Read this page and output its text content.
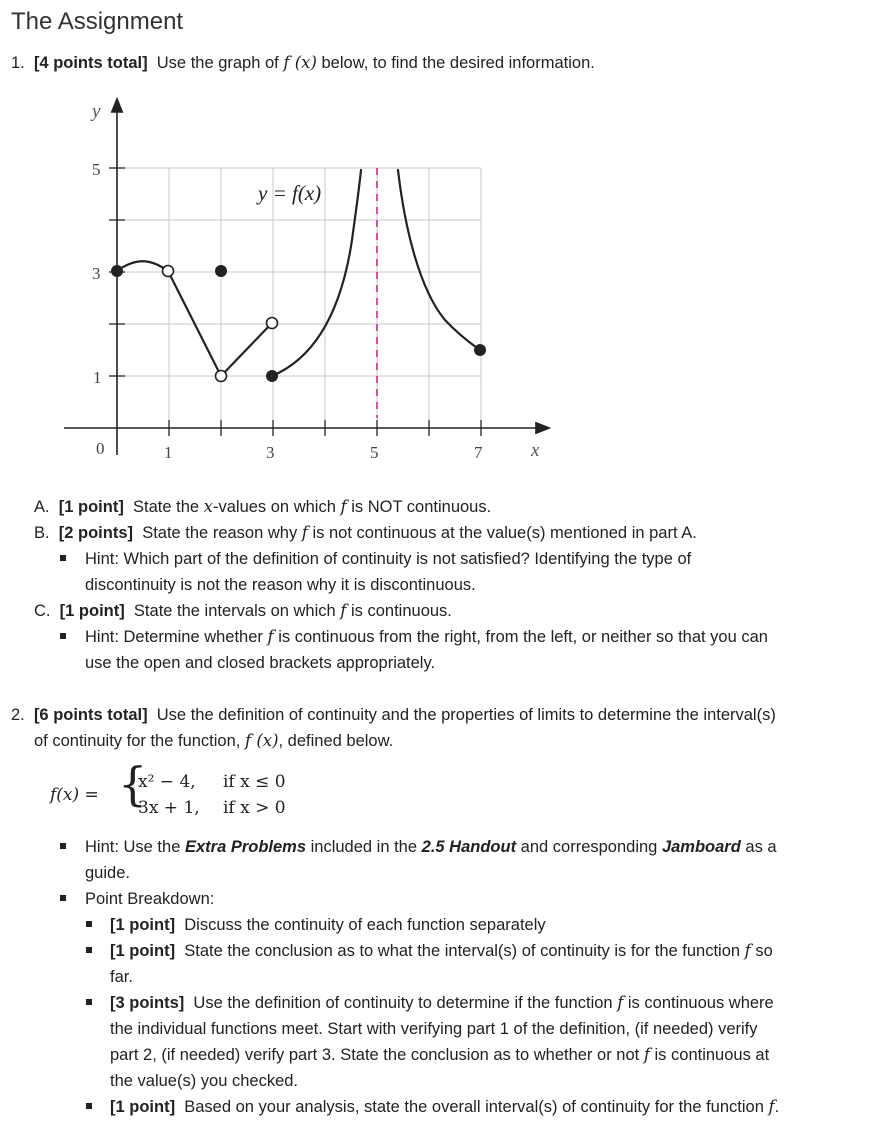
The Assignment
1. [4 points total] Use the graph of f (x) below, to find the desired information.
y = f(x)
y
x
5
3
1
0	1	3	5	7
A. [1 point] State the x-values on which f is NOT continuous.
B. [2 points] State the reason why f is not continuous at the value(s) mentioned in part A.
Hint: Which part of the definition of continuity is not satisfied? Identifying the type of
discontinuity is not the reason why it is discontinuous.
C. [1 point] State the intervals on which f is continuous.
Hint: Determine whether f is continuous from the right, from the left, or neither so that you can
use the open and closed brackets appropriately.
2. [6 points total] Use the definition of continuity and the properties of limits to determine the interval(s)
of continuity for the function, f (x), defined below.
f(x) = {
x² − 4, if x ≤ 0
3x + 1, if x > 0
Hint: Use the Extra Problems included in the 2.5 Handout and corresponding Jamboard as a
guide.
Point Breakdown:
[1 point] Discuss the continuity of each function separately
[1 point] State the conclusion as to what the interval(s) of continuity is for the function f so
far.
[3 points] Use the definition of continuity to determine if the function f is continuous where
the individual functions meet. Start with verifying part 1 of the definition, (if needed) verify
part 2, (if needed) verify part 3. State the conclusion as to whether or not f is continuous at
the value(s) you checked.
[1 point] Based on your analysis, state the overall interval(s) of continuity for the function f.
